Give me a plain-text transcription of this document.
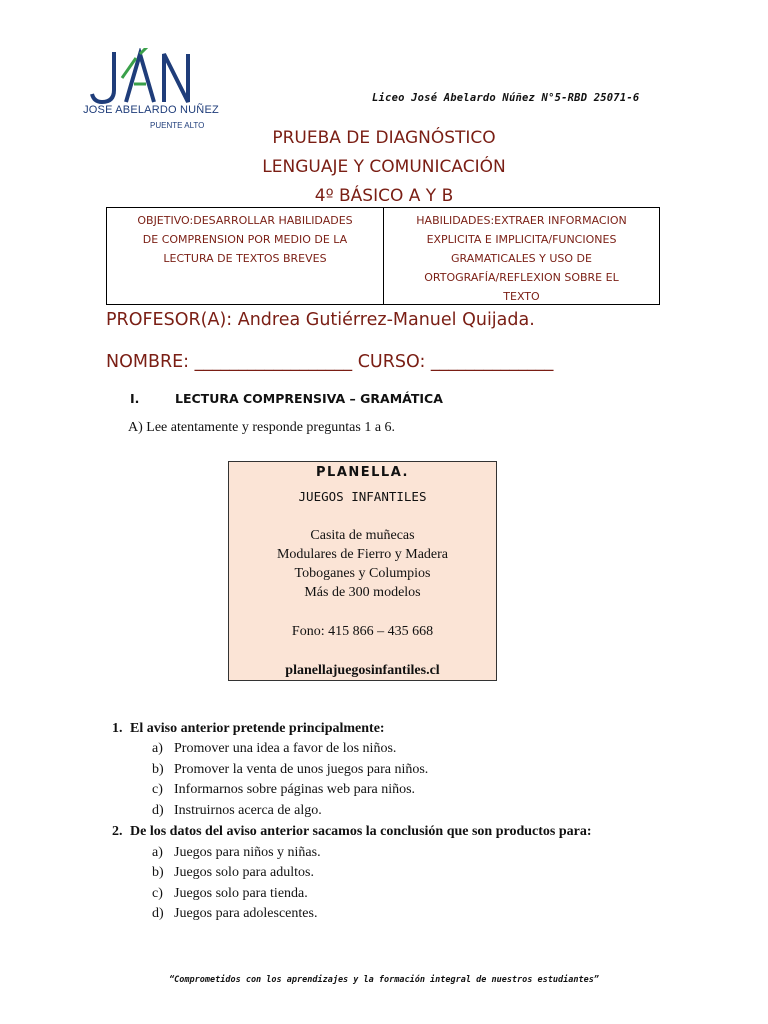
JOSE ABELARDO NUÑEZ
PUENTE ALTO
Liceo José Abelardo Núñez N°5-RBD 25071-6
PRUEBA DE DIAGNÓSTICO
LENGUAJE Y COMUNICACIÓN
4º BÁSICO A Y B
OBJETIVO:DESARROLLAR HABILIDADES
DE COMPRENSION POR MEDIO DE LA
LECTURA DE TEXTOS BREVES
HABILIDADES:EXTRAER INFORMACION
EXPLICITA E IMPLICITA/FUNCIONES
GRAMATICALES Y USO DE
ORTOGRAFÍA/REFLEXION SOBRE EL
TEXTO
PROFESOR(A): Andrea Gutiérrez-Manuel Quijada.
NOMBRE: __________________ CURSO: ______________
I.	LECTURA COMPRENSIVA – GRAMÁTICA
A) Lee atentamente y responde preguntas 1 a 6.
PLANELLA.
JUEGOS INFANTILES
Casita de muñecas
Modulares de Fierro y Madera
Toboganes y Columpios
Más de 300 modelos
Fono: 415 866 – 435 668
planellajuegosinfantiles.cl
1. El aviso anterior pretende principalmente:
a) Promover una idea a favor de los niños.
b) Promover la venta de unos juegos para niños.
c) Informarnos sobre páginas web para niños.
d) Instruirnos acerca de algo.
2. De los datos del aviso anterior sacamos la conclusión que son productos para:
a) Juegos para niños y niñas.
b) Juegos solo para adultos.
c) Juegos solo para tienda.
d) Juegos para adolescentes.
“Comprometidos con los aprendizajes y la formación integral de nuestros estudiantes”
